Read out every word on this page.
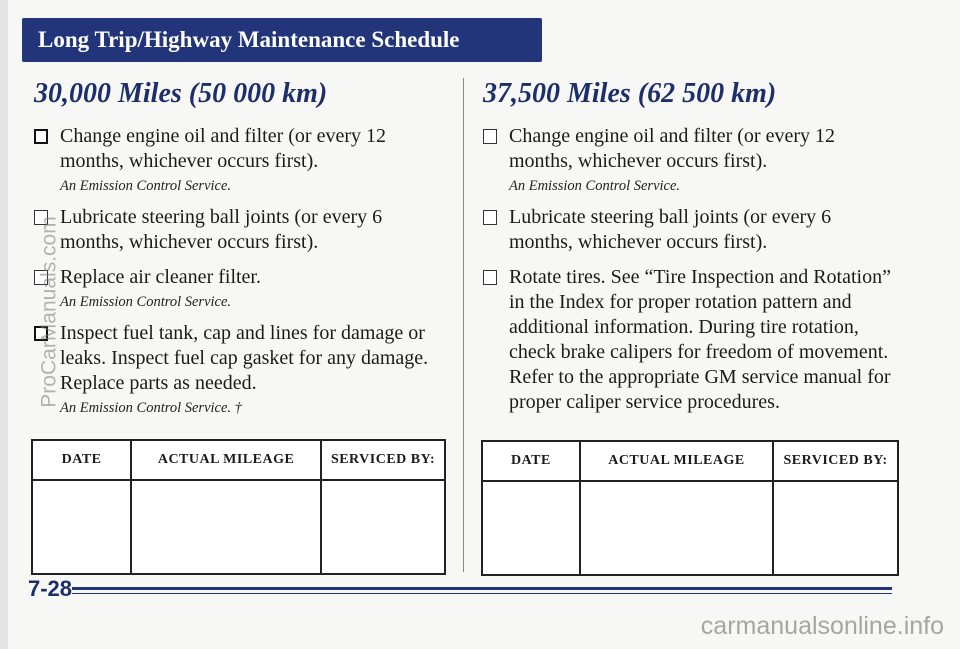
Long Trip/Highway Maintenance Schedule
30,000 Miles (50 000 km)
Change engine oil and filter (or every 12 months, whichever occurs first).
An Emission Control Service.
Lubricate steering ball joints (or every 6 months, whichever occurs first).
Replace air cleaner filter.
An Emission Control Service.
Inspect fuel tank, cap and lines for damage or leaks. Inspect fuel cap gasket for any damage. Replace parts as needed.
An Emission Control Service. †
37,500 Miles (62 500 km)
Change engine oil and filter (or every 12 months, whichever occurs first).
An Emission Control Service.
Lubricate steering ball joints (or every 6 months, whichever occurs first).
Rotate tires. See “Tire Inspection and Rotation” in the Index for proper rotation pattern and additional information. During tire rotation, check brake calipers for freedom of movement. Refer to the appropriate GM service manual for proper caliper service procedures.
DATE	ACTUAL MILEAGE	SERVICED BY:
			DATE	ACTUAL MILEAGE	SERVICED BY:

7-28
ProCarManuals.com
carmanualsonline.info
